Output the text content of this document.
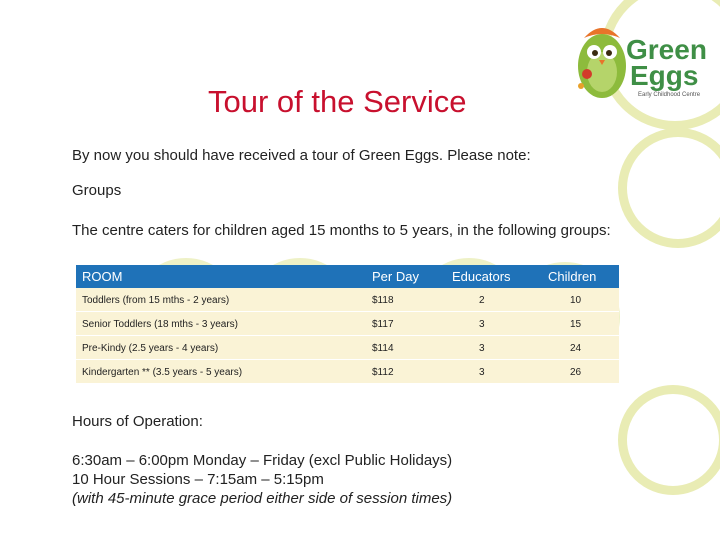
Green
Eggs
Early Childhood Centre
Tour of the Service
By now you should have received a tour of Green Eggs. Please note:
Groups
The centre caters for children aged 15 months to 5 years, in the following groups:
ROOM	Per Day	Educators	Children
Toddlers (from 15 mths - 2 years)	$118	2	10
Senior Toddlers (18 mths - 3 years)	$117	3	15
Pre-Kindy (2.5 years - 4 years)	$114	3	24
Kindergarten ** (3.5 years - 5 years)	$112	3	26
Hours of Operation:
6:30am – 6:00pm Monday – Friday (excl Public Holidays)
10 Hour Sessions – 7:15am – 5:15pm
(with 45-minute grace period either side of session times)
